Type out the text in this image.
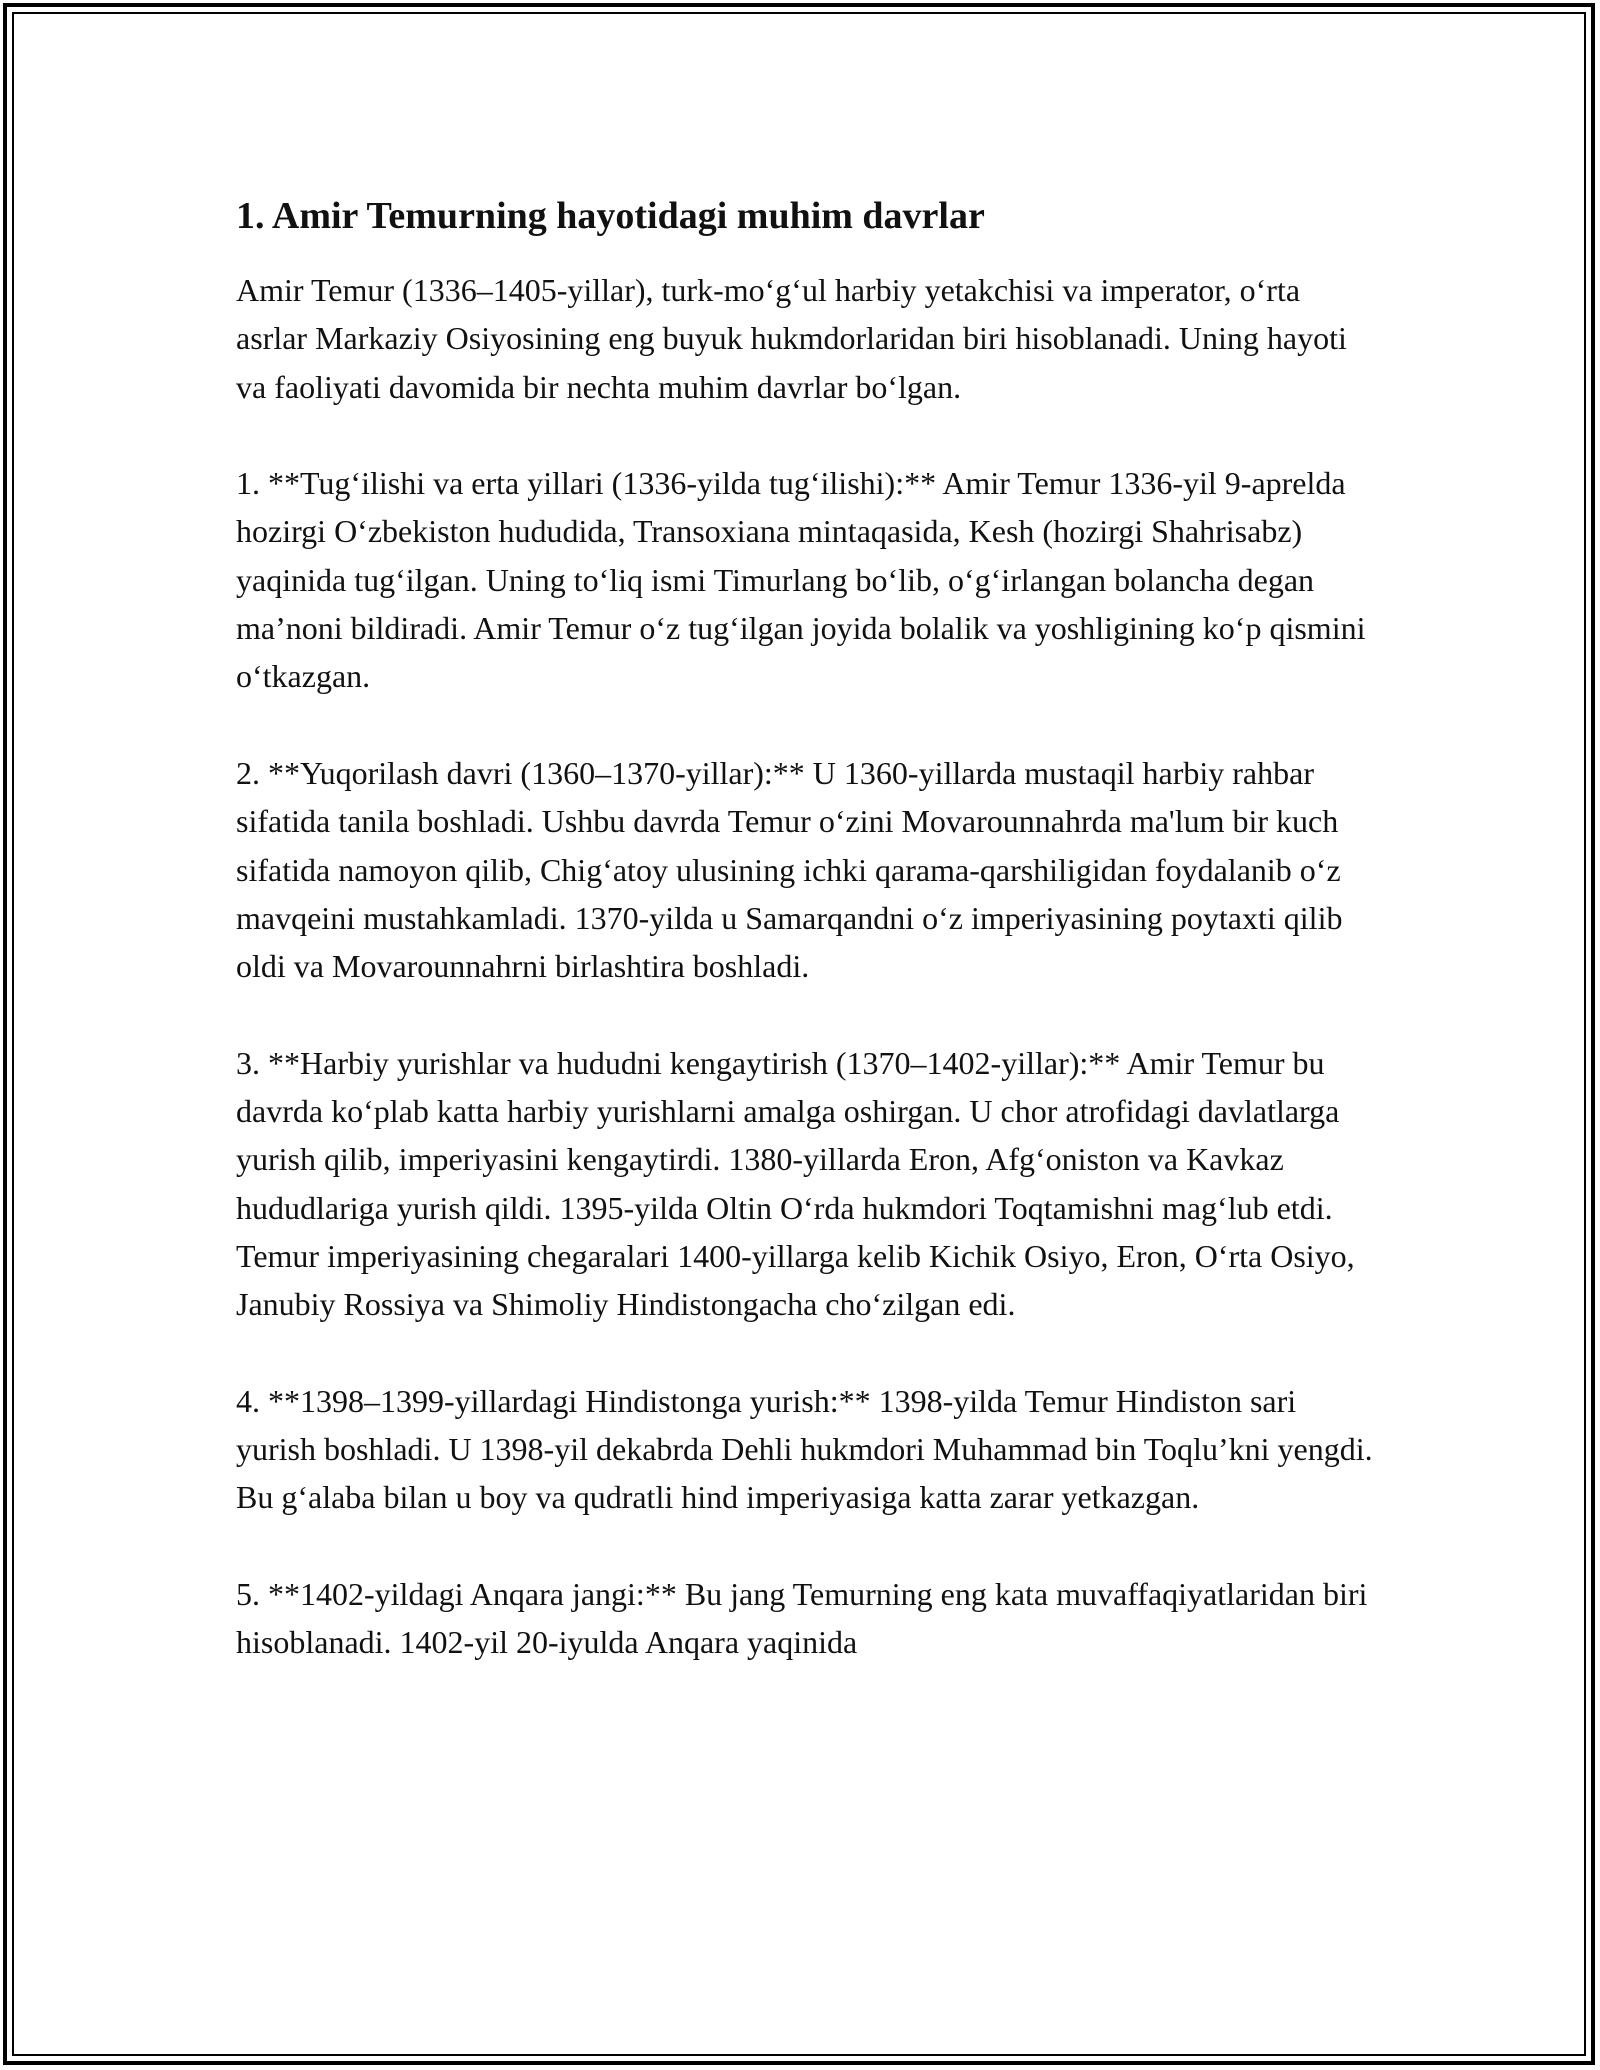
1. Amir Temurning hayotidagi muhim davrlar

Amir Temur (1336–1405-yillar), turk-mo‘g‘ul harbiy yetakchisi va imperator, o‘rta asrlar Markaziy Osiyosining eng buyuk hukmdorlaridan biri hisoblanadi. Uning hayoti va faoliyati davomida bir nechta muhim davrlar bo‘lgan.

1. **Tug‘ilishi va erta yillari (1336-yilda tug‘ilishi):** Amir Temur 1336-yil 9-aprelda hozirgi O‘zbekiston hududida, Transoxiana mintaqasida, Kesh (hozirgi Shahrisabz) yaqinida tug‘ilgan. Uning to‘liq ismi Timurlang bo‘lib, o‘g‘irlangan bolancha degan ma’noni bildiradi. Amir Temur o‘z tug‘ilgan joyida bolalik va yoshligining ko‘p qismini o‘tkazgan.

2. **Yuqorilash davri (1360–1370-yillar):** U 1360-yillarda mustaqil harbiy rahbar sifatida tanila boshladi. Ushbu davrda Temur o‘zini Movarounnahrda ma'lum bir kuch sifatida namoyon qilib, Chig‘atoy ulusining ichki qarama-qarshiligidan foydalanib o‘z mavqeini mustahkamladi. 1370-yilda u Samarqandni o‘z imperiyasining poytaxti qilib oldi va Movarounnahrni birlashtira boshladi.

3. **Harbiy yurishlar va hududni kengaytirish (1370–1402-yillar):** Amir Temur bu davrda ko‘plab katta harbiy yurishlarni amalga oshirgan. U chor atrofidagi davlatlarga yurish qilib, imperiyasini kengaytirdi. 1380-yillarda Eron, Afg‘oniston va Kavkaz hududlariga yurish qildi. 1395-yilda Oltin O‘rda hukmdori Toqtamishni mag‘lub etdi. Temur imperiyasining chegaralari 1400-yillarga kelib Kichik Osiyo, Eron, O‘rta Osiyo, Janubiy Rossiya va Shimoliy Hindistongacha cho‘zilgan edi.

4. **1398–1399-yillardagi Hindistonga yurish:** 1398-yilda Temur Hindiston sari yurish boshladi. U 1398-yil dekabrda Dehli hukmdori Muhammad bin Toqlu’kni yengdi. Bu g‘alaba bilan u boy va qudratli hind imperiyasiga katta zarar yetkazgan.

5. **1402-yildagi Anqara jangi:** Bu jang Temurning eng kata muvaffaqiyatlaridan biri hisoblanadi. 1402-yil 20-iyulda Anqara yaqinida
